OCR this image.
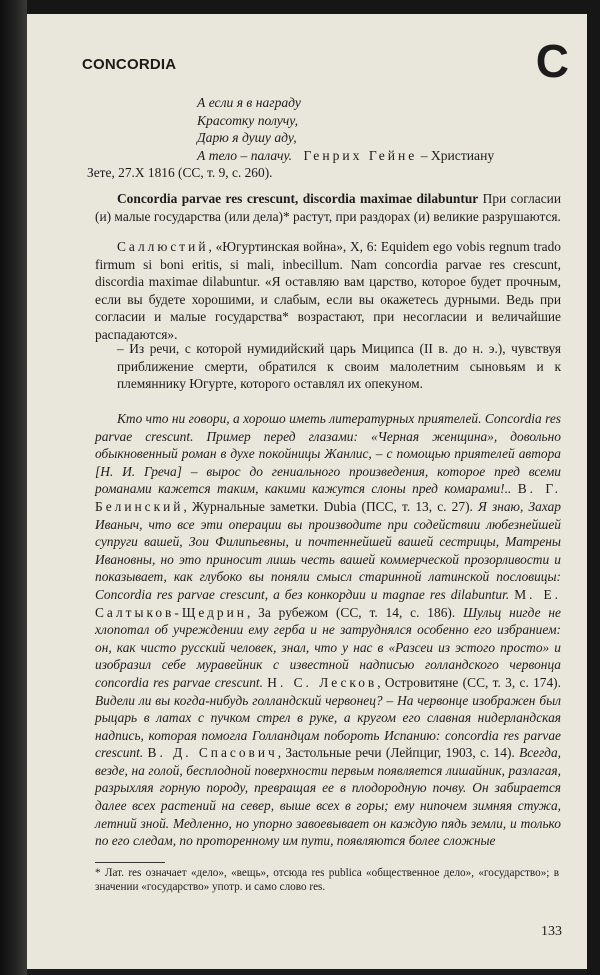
CONCORDIA	C
А если я в награду
Красотку получу,
Дарю я душу аду,
А тело – палачу. Генрих Гейне – Христиану
Зете, 27.X 1816 (СС, т. 9, с. 260).
Concordia parvae res crescunt, discordia maximae dilabuntur При согласии (и) малые государства (или дела)* растут, при раздорах (и) великие разрушаются.
Саллюстий, «Югуртинская война», X, 6: Equidem ego vobis regnum trado firmum si boni eritis, si mali, inbecillum. Nam concordia parvae res crescunt, discordia maximae dilabuntur. «Я оставляю вам царство, которое будет прочным, если вы будете хорошими, и слабым, если вы окажетесь дурными. Ведь при согласии и малые государства* возрастают, при несогласии и величайшие распадаются».
– Из речи, с которой нумидийский царь Миципса (II в. до н. э.), чувствуя приближение смерти, обратился к своим малолетним сыновьям и к племяннику Югурте, которого оставлял их опекуном.
Кто что ни говори, а хорошо иметь литературных приятелей. Concordia res parvae crescunt. Пример перед глазами: «Черная женщина», довольно обыкновенный роман в духе покойницы Жанлис, – с помощью приятелей автора [Н. И. Греча] – вырос до гениального произведения, которое пред всеми романами кажется таким, какими кажутся слоны пред комарами!.. В. Г. Белинский, Журнальные заметки. Dubia (ПСС, т. 13, с. 27). Я знаю, Захар Иваныч, что все эти операции вы производите при содействии любезнейшей супруги вашей, Зои Филипьевны, и почтеннейшей вашей сестрицы, Матрены Ивановны, но это приносит лишь честь вашей коммерческой прозорливости и показывает, как глубоко вы поняли смысл старинной латинской пословицы: Concordia res parvae crescunt, а без конкордии и magnae res dilabuntur. М. Е. Салтыков-Щедрин, За рубежом (СС, т. 14, с. 186). Шульц нигде не хлопотал об учреждении ему герба и не затруднялся особенно его избранием: он, как чисто русский человек, знал, что у нас в «Разсеи из эстого просто» и изобразил себе муравейник с известной надписью голландского червонца concordia res parvae crescunt. Н. С. Лесков, Островитяне (СС, т. 3, с. 174). Видели ли вы когда-нибудь голландский червонец? – На червонце изображен был рыцарь в латах с пучком стрел в руке, а кругом его славная нидерландская надпись, которая помогла Голландцам побороть Испанию: concordia res parvae crescunt. В. Д. Спасович, Застольные речи (Лейпциг, 1903, с. 14). Всегда, везде, на голой, бесплодной поверхности первым появляется лишайник, разлагая, разрыхляя горную породу, превращая ее в плодородную почву. Он забирается далее всех растений на север, выше всех в горы; ему нипочем зимняя стужа, летний зной. Медленно, но упорно завоевывает он каждую пядь земли, и только по его следам, по проторенному им пути, появляются более сложные
* Лат. res означает «дело», «вещь», отсюда res publica «общественное дело», «государство»; в значении «государство» употр. и само слово res.
133
